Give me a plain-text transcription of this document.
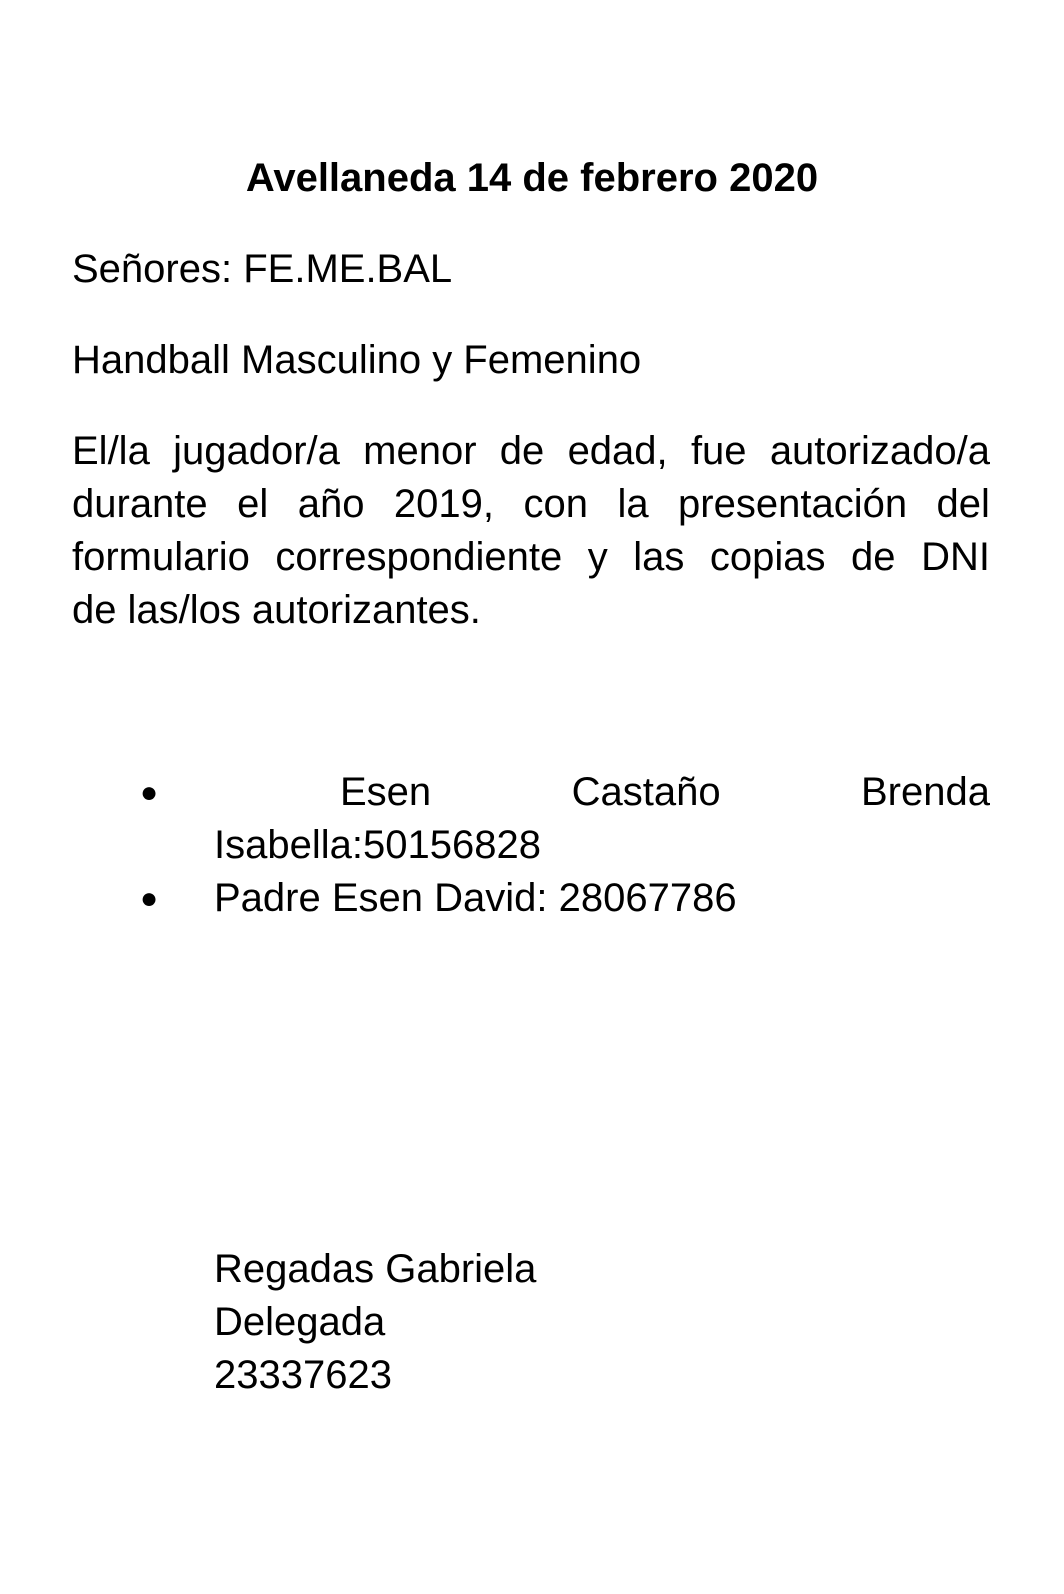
Avellaneda 14 de febrero 2020

Señores: FE.ME.BAL

Handball Masculino y Femenino

El/la jugador/a menor de edad, fue autorizado/a
durante el año 2019, con la presentación del
formulario correspondiente y las copias de DNI
de las/los autorizantes.
●	Esen	Castaño	Brenda
Isabella:50156828
● Padre Esen David: 28067786
Regadas Gabriela
Delegada
23337623
